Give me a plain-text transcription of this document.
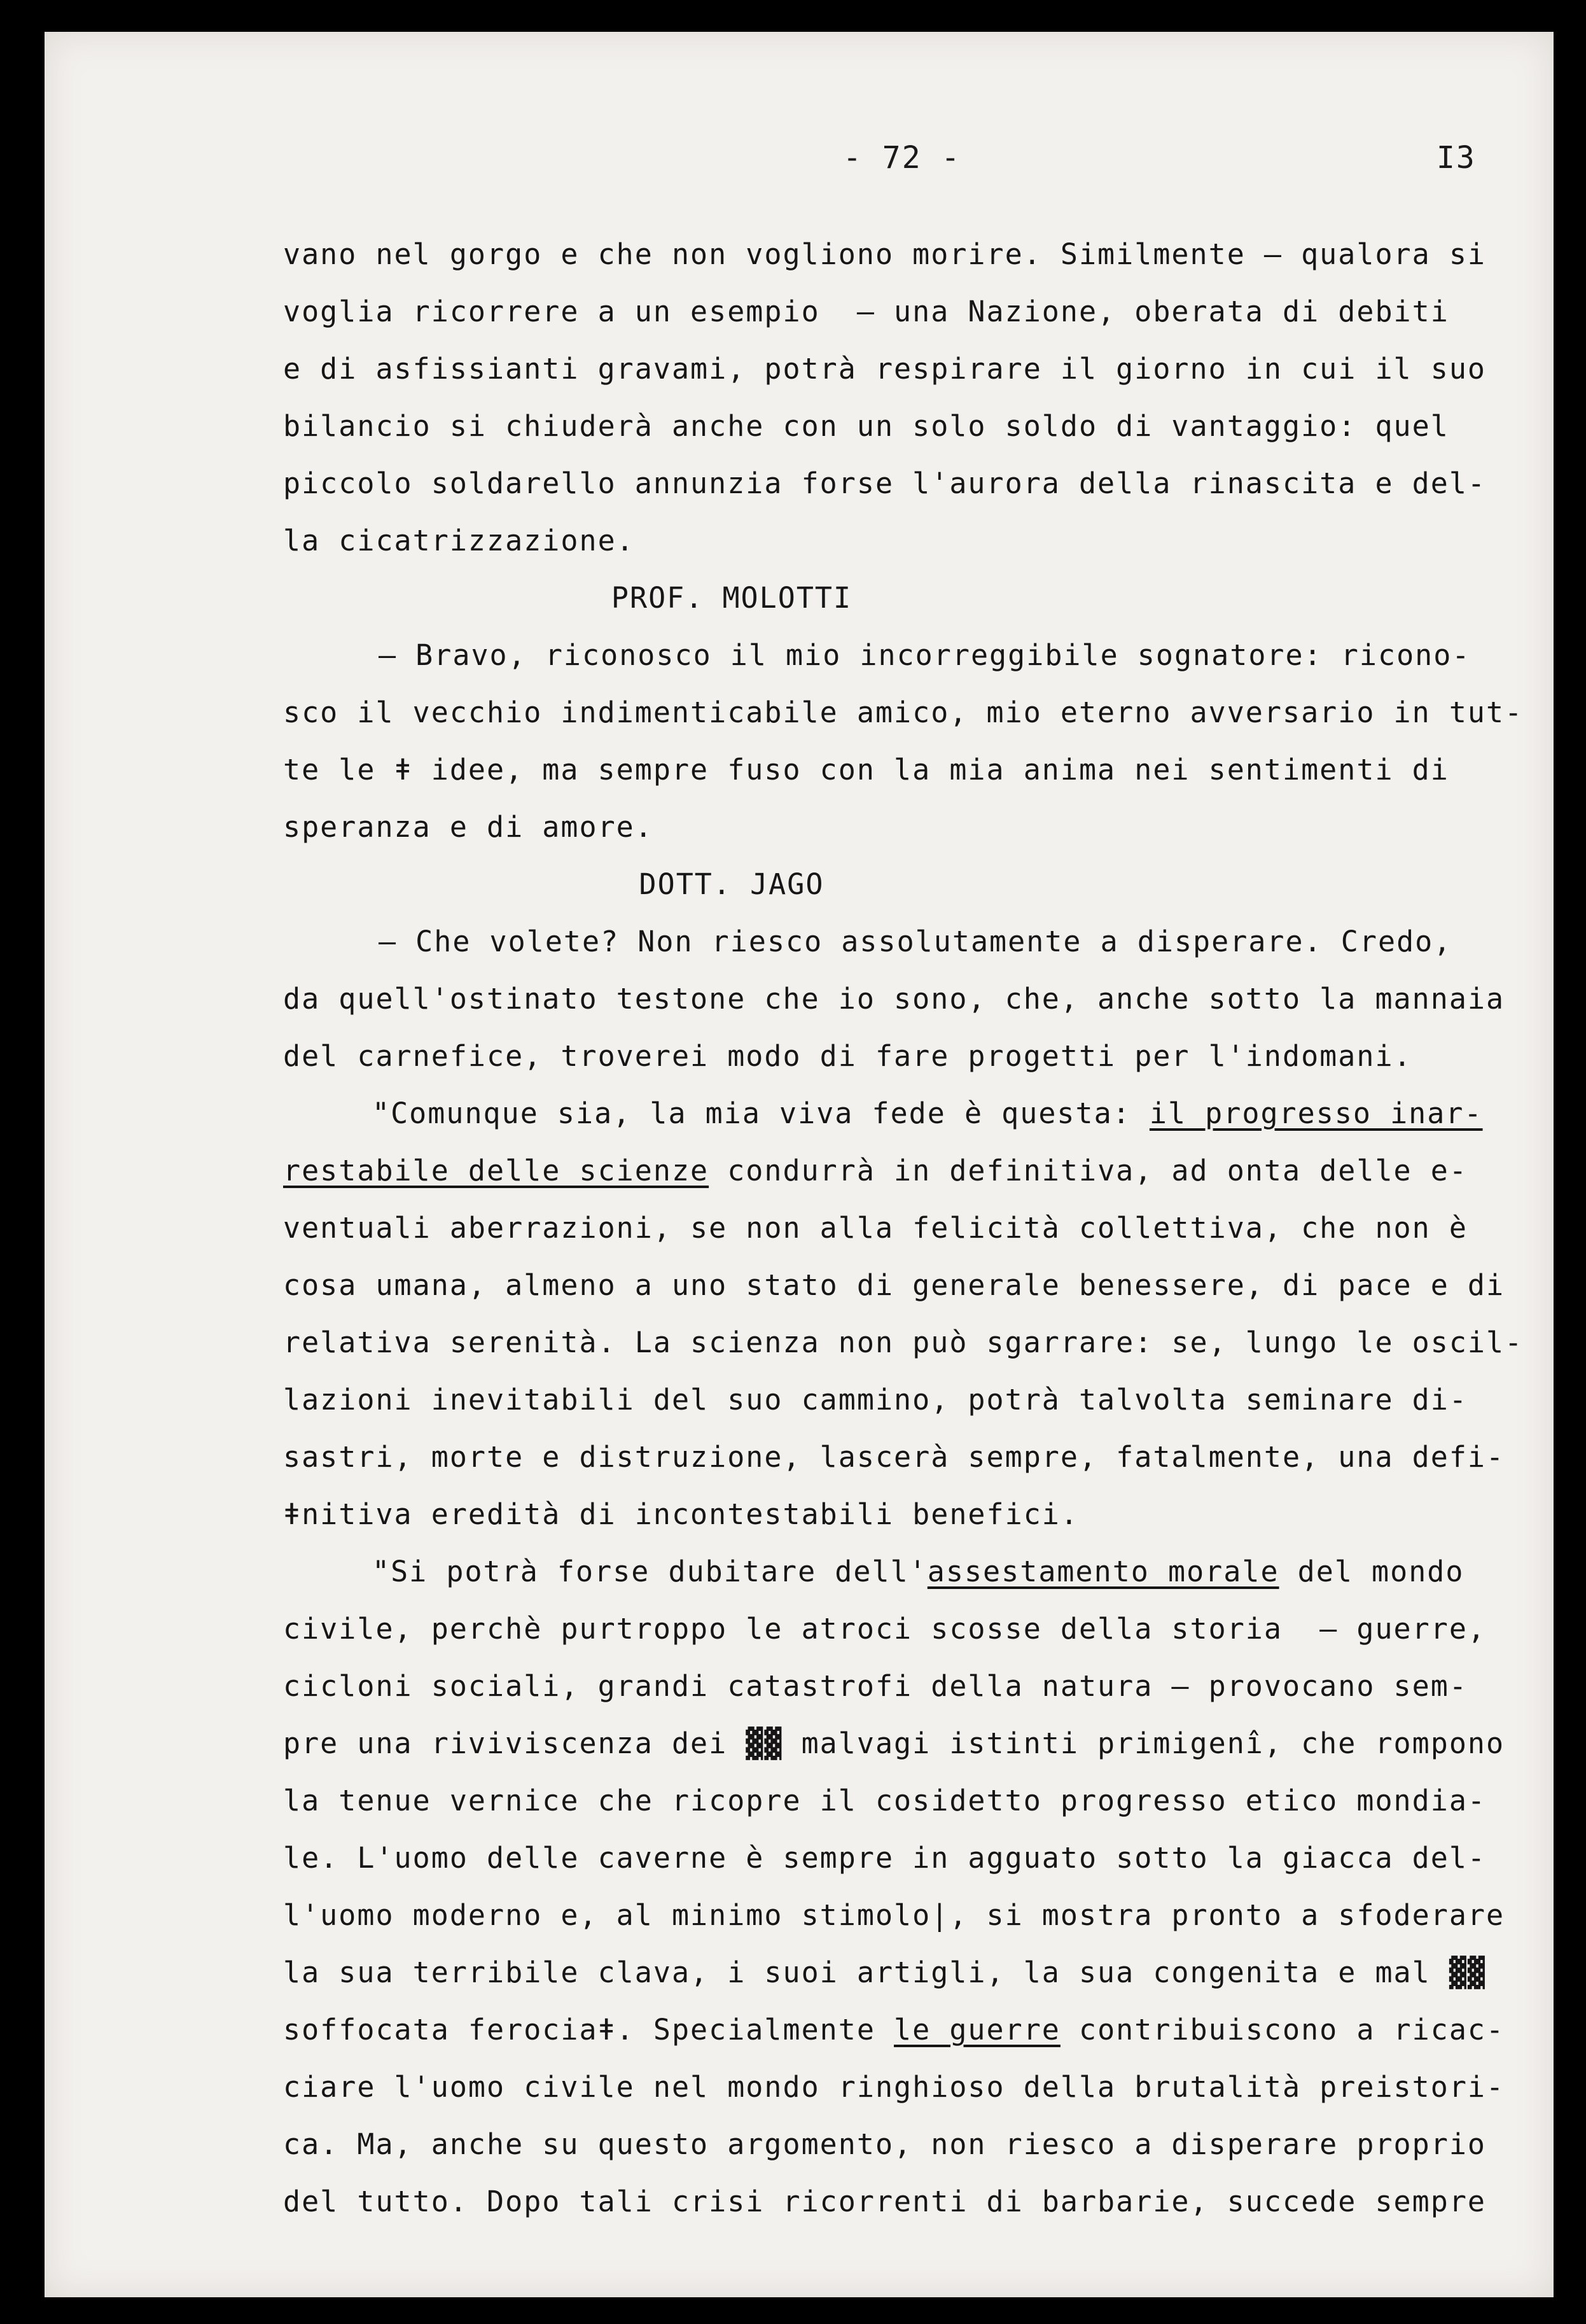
- 72 -	I3
vano nel gorgo e che non vogliono morire. Similmente — qualora si
voglia ricorrere a un esempio  — una Nazione, oberata di debiti
e di asfissianti gravami, potrà respirare il giorno in cui il suo
bilancio si chiuderà anche con un solo soldo di vantaggio: quel
piccolo soldarello annunzia forse l'aurora della rinascita e del-
la cicatrizzazione.
PROF. MOLOTTI
— Bravo, riconosco il mio incorreggibile sognatore: ricono-
sco il vecchio indimenticabile amico, mio eterno avversario in tut-
te le ǂ idee, ma sempre fuso con la mia anima nei sentimenti di
speranza e di amore.
DOTT. JAGO
— Che volete? Non riesco assolutamente a disperare. Credo,
da quell'ostinato testone che io sono, che, anche sotto la mannaia
del carnefice, troverei modo di fare progetti per l'indomani.
"Comunque sia, la mia viva fede è questa: il progresso inar-
restabile delle scienze condurrà in definitiva, ad onta delle e-
ventuali aberrazioni, se non alla felicità collettiva, che non è
cosa umana, almeno a uno stato di generale benessere, di pace e di
relativa serenità. La scienza non può sgarrare: se, lungo le oscil-
lazioni inevitabili del suo cammino, potrà talvolta seminare di-
sastri, morte e distruzione, lascerà sempre, fatalmente, una defi-
ǂnitiva eredità di incontestabili benefici.
"Si potrà forse dubitare dell'assestamento morale del mondo
civile, perchè purtroppo le atroci scosse della storia  — guerre,
cicloni sociali, grandi catastrofi della natura — provocano sem-
pre una riviviscenza dei ▓▓ malvagi istinti primigenî, che rompono
la tenue vernice che ricopre il cosidetto progresso etico mondia-
le. L'uomo delle caverne è sempre in agguato sotto la giacca del-
l'uomo moderno e, al minimo stimolo|, si mostra pronto a sfoderare
la sua terribile clava, i suoi artigli, la sua congenita e mal ▓▓
soffocata ferociaǂ. Specialmente le guerre contribuiscono a ricac-
ciare l'uomo civile nel mondo ringhioso della brutalità preistori-
ca. Ma, anche su questo argomento, non riesco a disperare proprio
del tutto. Dopo tali crisi ricorrenti di barbarie, succede sempre
